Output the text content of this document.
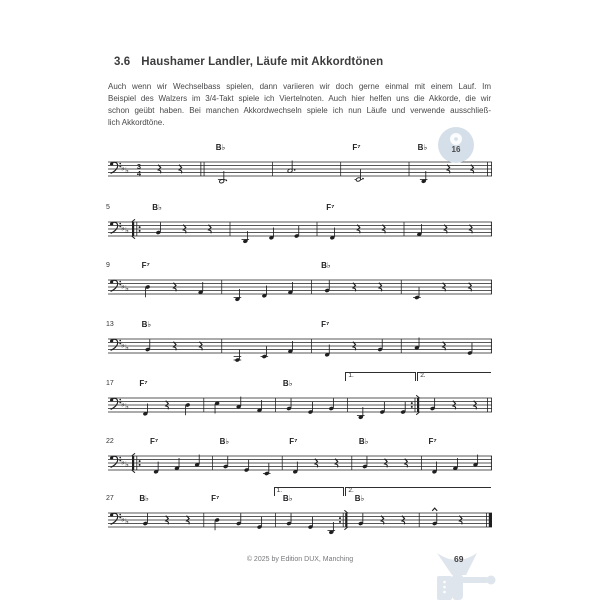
3.6 Haushamer Landler, Läufe mit Akkordtönen
Auch wenn wir Wechselbass spielen, dann variieren wir doch gerne einmal mit einem Lauf. Im
Beispiel des Walzers im 3/4-Takt spiele ich Viertelnoten. Auch hier helfen uns die Akkorde, die wir
schon geübt haben. Bei manchen Akkordwechseln spiele ich nun Läufe und verwende ausschließ-
lich Akkordtöne.
16
♭ ♭ 3
4
B♭	F⁷	B♭
♭ ♭
5	B♭	F⁷
♭ ♭
9	F⁷	B♭
♭ ♭
13	B♭	F⁷
♭ ♭
17	F⁷	B♭
1.	2.
♭ ♭
22	F⁷	B♭	F⁷	B♭	F⁷
♭ ♭
27	B♭	F⁷	B♭
1.
B♭
2.
© 2025 by Edition DUX, Manching	69
